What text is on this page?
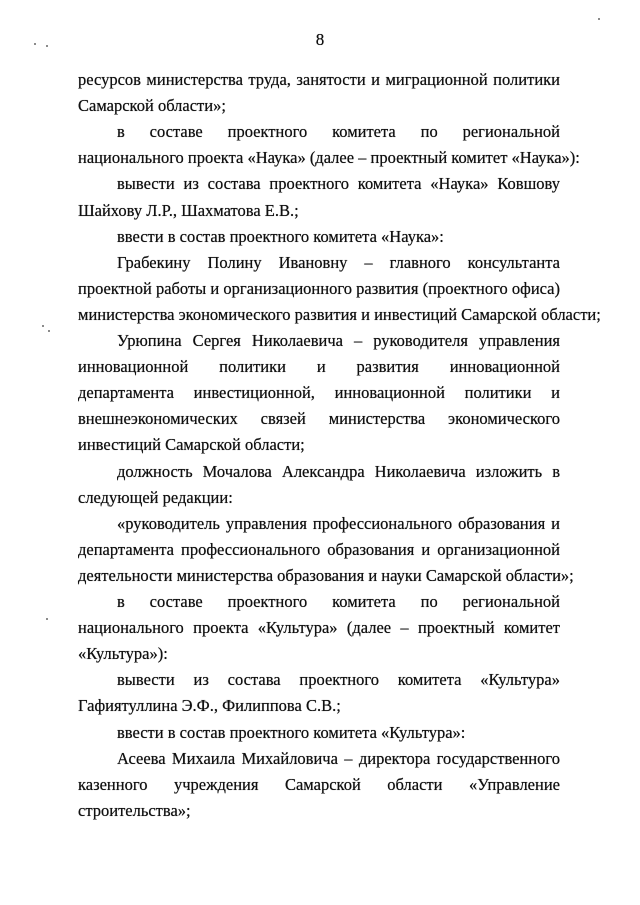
8
ресурсов министерства труда, занятости и миграционной политики
Самарской области»;
в составе проектного комитета по региональной
национального проекта «Наука» (далее – проектный комитет «Наука»):
вывести из состава проектного комитета «Наука» Ковшову
Шайхову Л.Р., Шахматова Е.В.;
ввести в состав проектного комитета «Наука»:
Грабекину Полину Ивановну – главного консультанта
проектной работы и организационного развития (проектного офиса)
министерства экономического развития и инвестиций Самарской области;
Урюпина Сергея Николаевича – руководителя управления
инновационной политики и развития инновационной
департамента инвестиционной, инновационной политики и
внешнеэкономических связей министерства экономического
инвестиций Самарской области;
должность Мочалова Александра Николаевича изложить в
следующей редакции:
«руководитель управления профессионального образования и
департамента профессионального образования и организационной
деятельности министерства образования и науки Самарской области»;
в составе проектного комитета по региональной
национального проекта «Культура» (далее – проектный комитет
«Культура»):
вывести из состава проектного комитета «Культура»
Гафиятуллина Э.Ф., Филиппова С.В.;
ввести в состав проектного комитета «Культура»:
Асеева Михаила Михайловича – директора государственного
казенного учреждения Самарской области «Управление
строительства»;
